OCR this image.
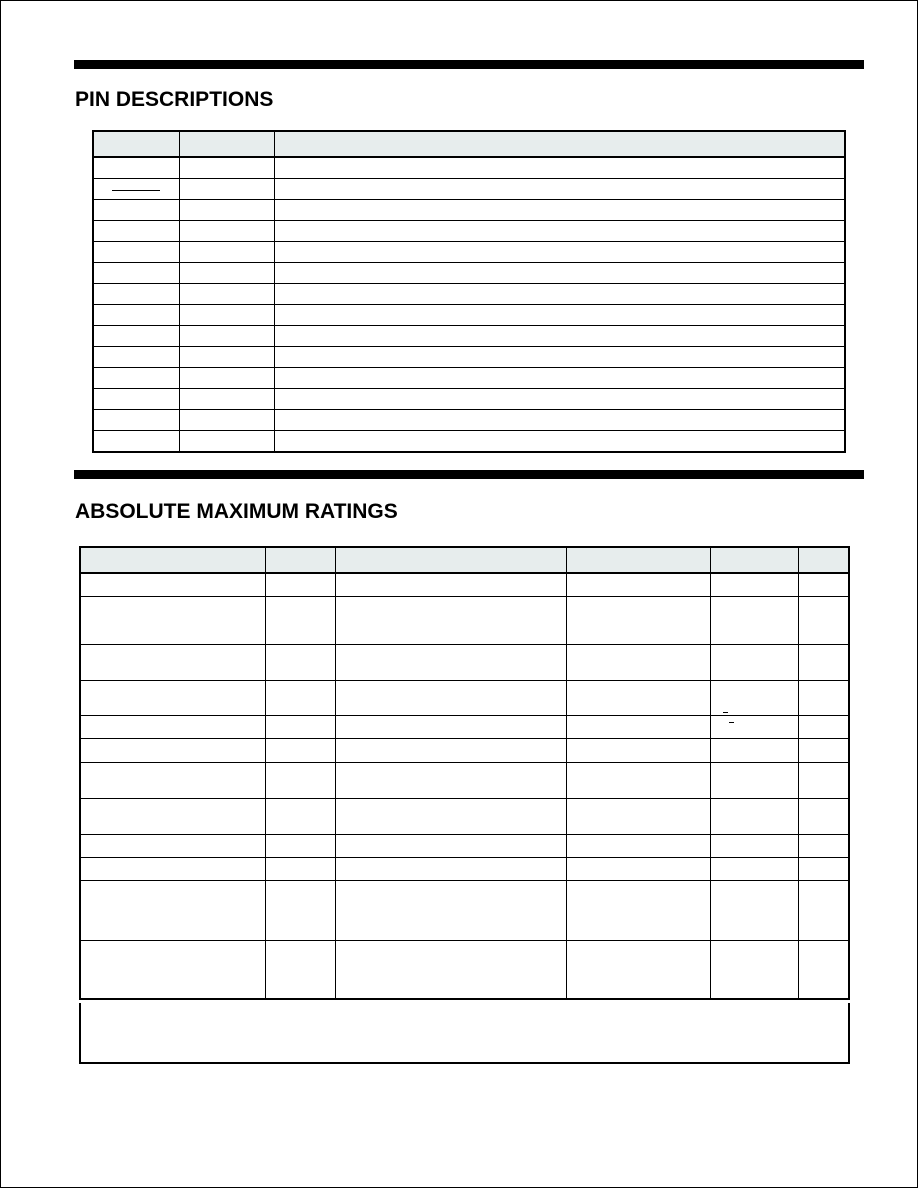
PIN DESCRIPTIONS

ABSOLUTE MAXIMUM RATINGS
